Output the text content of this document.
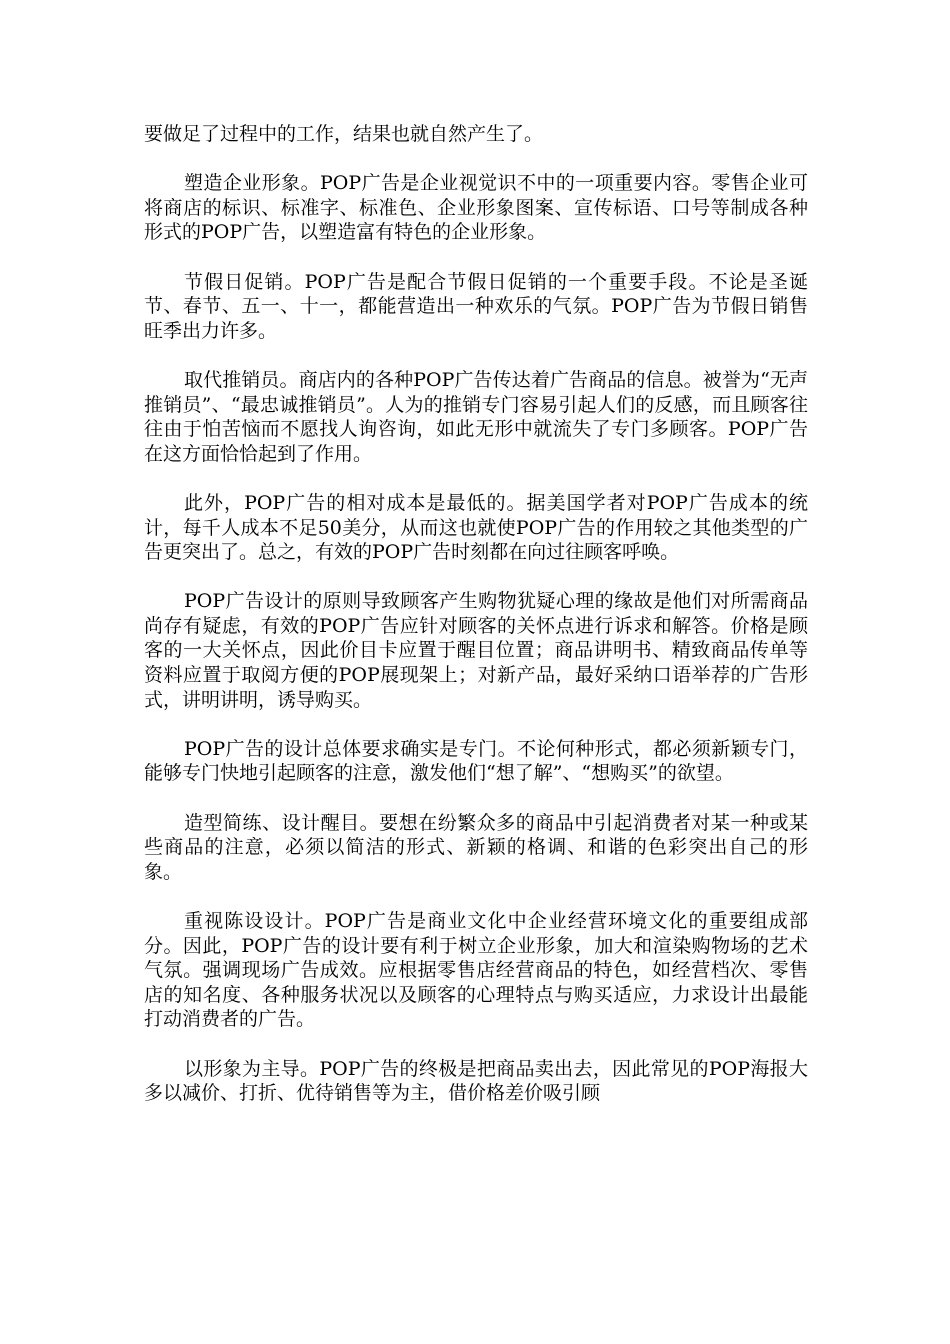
要做足了过程中的工作，结果也就自然产生了。

塑造企业形象。POP广告是企业视觉识不中的一项重要内容。零售企业可将商店的标识、标准字、标准色、企业形象图案、宣传标语、口号等制成各种形式的POP广告，以塑造富有特色的企业形象。

节假日促销。POP广告是配合节假日促销的一个重要手段。不论是圣诞节、春节、五一、十一，都能营造出一种欢乐的气氛。POP广告为节假日销售旺季出力许多。

取代推销员。商店内的各种POP广告传达着广告商品的信息。被誉为“无声推销员”、“最忠诚推销员”。人为的推销专门容易引起人们的反感，而且顾客往往由于怕苦恼而不愿找人询咨询，如此无形中就流失了专门多顾客。POP广告在这方面恰恰起到了作用。

此外，POP广告的相对成本是最低的。据美国学者对POP广告成本的统计，每千人成本不足50美分，从而这也就使POP广告的作用较之其他类型的广告更突出了。总之，有效的POP广告时刻都在向过往顾客呼唤。

POP广告设计的原则导致顾客产生购物犹疑心理的缘故是他们对所需商品尚存有疑虑，有效的POP广告应针对顾客的关怀点进行诉求和解答。价格是顾客的一大关怀点，因此价目卡应置于醒目位置；商品讲明书、精致商品传单等资料应置于取阅方便的POP展现架上；对新产品，最好采纳口语举荐的广告形式，讲明讲明，诱导购买。

POP广告的设计总体要求确实是专门。不论何种形式，都必须新颖专门，能够专门快地引起顾客的注意，激发他们“想了解”、“想购买”的欲望。

造型简练、设计醒目。要想在纷繁众多的商品中引起消费者对某一种或某些商品的注意，必须以简洁的形式、新颖的格调、和谐的色彩突出自己的形象。

重视陈设设计。POP广告是商业文化中企业经营环境文化的重要组成部分。因此，POP广告的设计要有利于树立企业形象，加大和渲染购物场的艺术气氛。强调现场广告成效。应根据零售店经营商品的特色，如经营档次、零售店的知名度、各种服务状况以及顾客的心理特点与购买适应，力求设计出最能打动消费者的广告。

以形象为主导。POP广告的终极是把商品卖出去，因此常见的POP海报大多以减价、打折、优待销售等为主，借价格差价吸引顾
